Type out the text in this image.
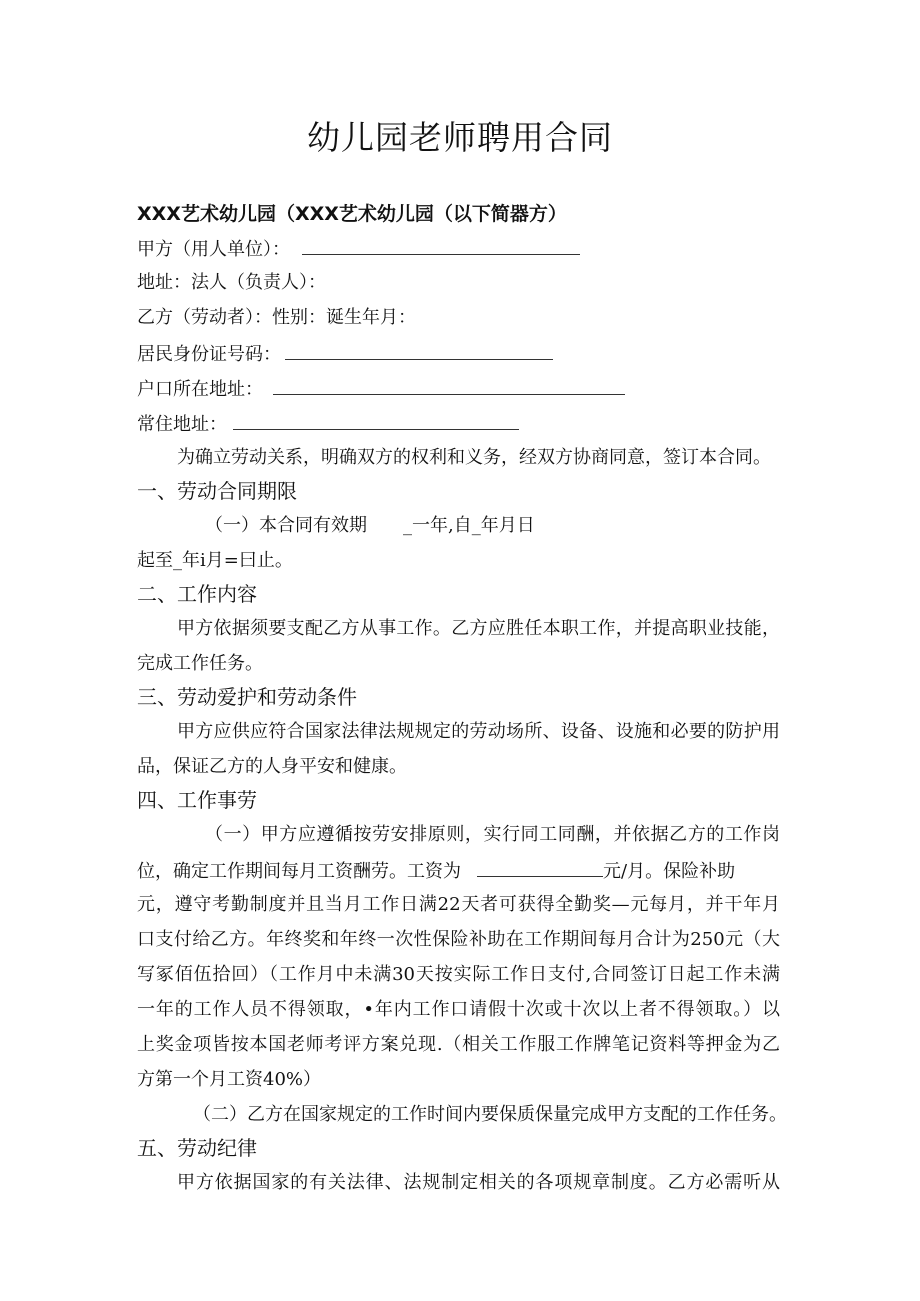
幼儿园老师聘用合同
XXX艺术幼儿园（XXX艺术幼儿园（以下简器方）
甲方（用人单位）：
地址：法人（负责人）：
乙方（劳动者）：性别：诞生年月：
居民身份证号码：
户口所在地址：
常住地址：
为确立劳动关系，明确双方的权利和义务，经双方协商同意，签订本合同。
一、劳动合同期限
（一）本合同有效期　　_一年,自_年月日
起至_年i月=曰止。
二、工作内容
甲方依据须要支配乙方从事工作。乙方应胜任本职工作，并提高职业技能，
完成工作任务。
三、劳动爱护和劳动条件
甲方应供应符合国家法律法规规定的劳动场所、设备、设施和必要的防护用
品，保证乙方的人身平安和健康。
四、工作事劳
（一）甲方应遵循按劳安排原则，实行同工同酬，并依据乙方的工作岗
位，确定工作期间每月工资酬劳。工资为	元/月。保险补助
元，遵守考勤制度并且当月工作日满22天者可获得全勤奖—元每月，并干年月
口支付给乙方。年终奖和年终一次性保险补助在工作期间每月合计为250元（大
写冢佰伍拾回）（工作月中未满30天按实际工作日支付,合同签订日起工作未满
一年的工作人员不得领取，•年内工作口请假十次或十次以上者不得领取。）以
上奖金项皆按本国老师考评方案兑现.（相关工作服工作牌笔记资料等押金为乙
方第一个月工资40%）
（二）乙方在国家规定的工作时间内要保质保量完成甲方支配的工作任务。
五、劳动纪律
甲方依据国家的有关法律、法规制定相关的各项规章制度。乙方必需听从
